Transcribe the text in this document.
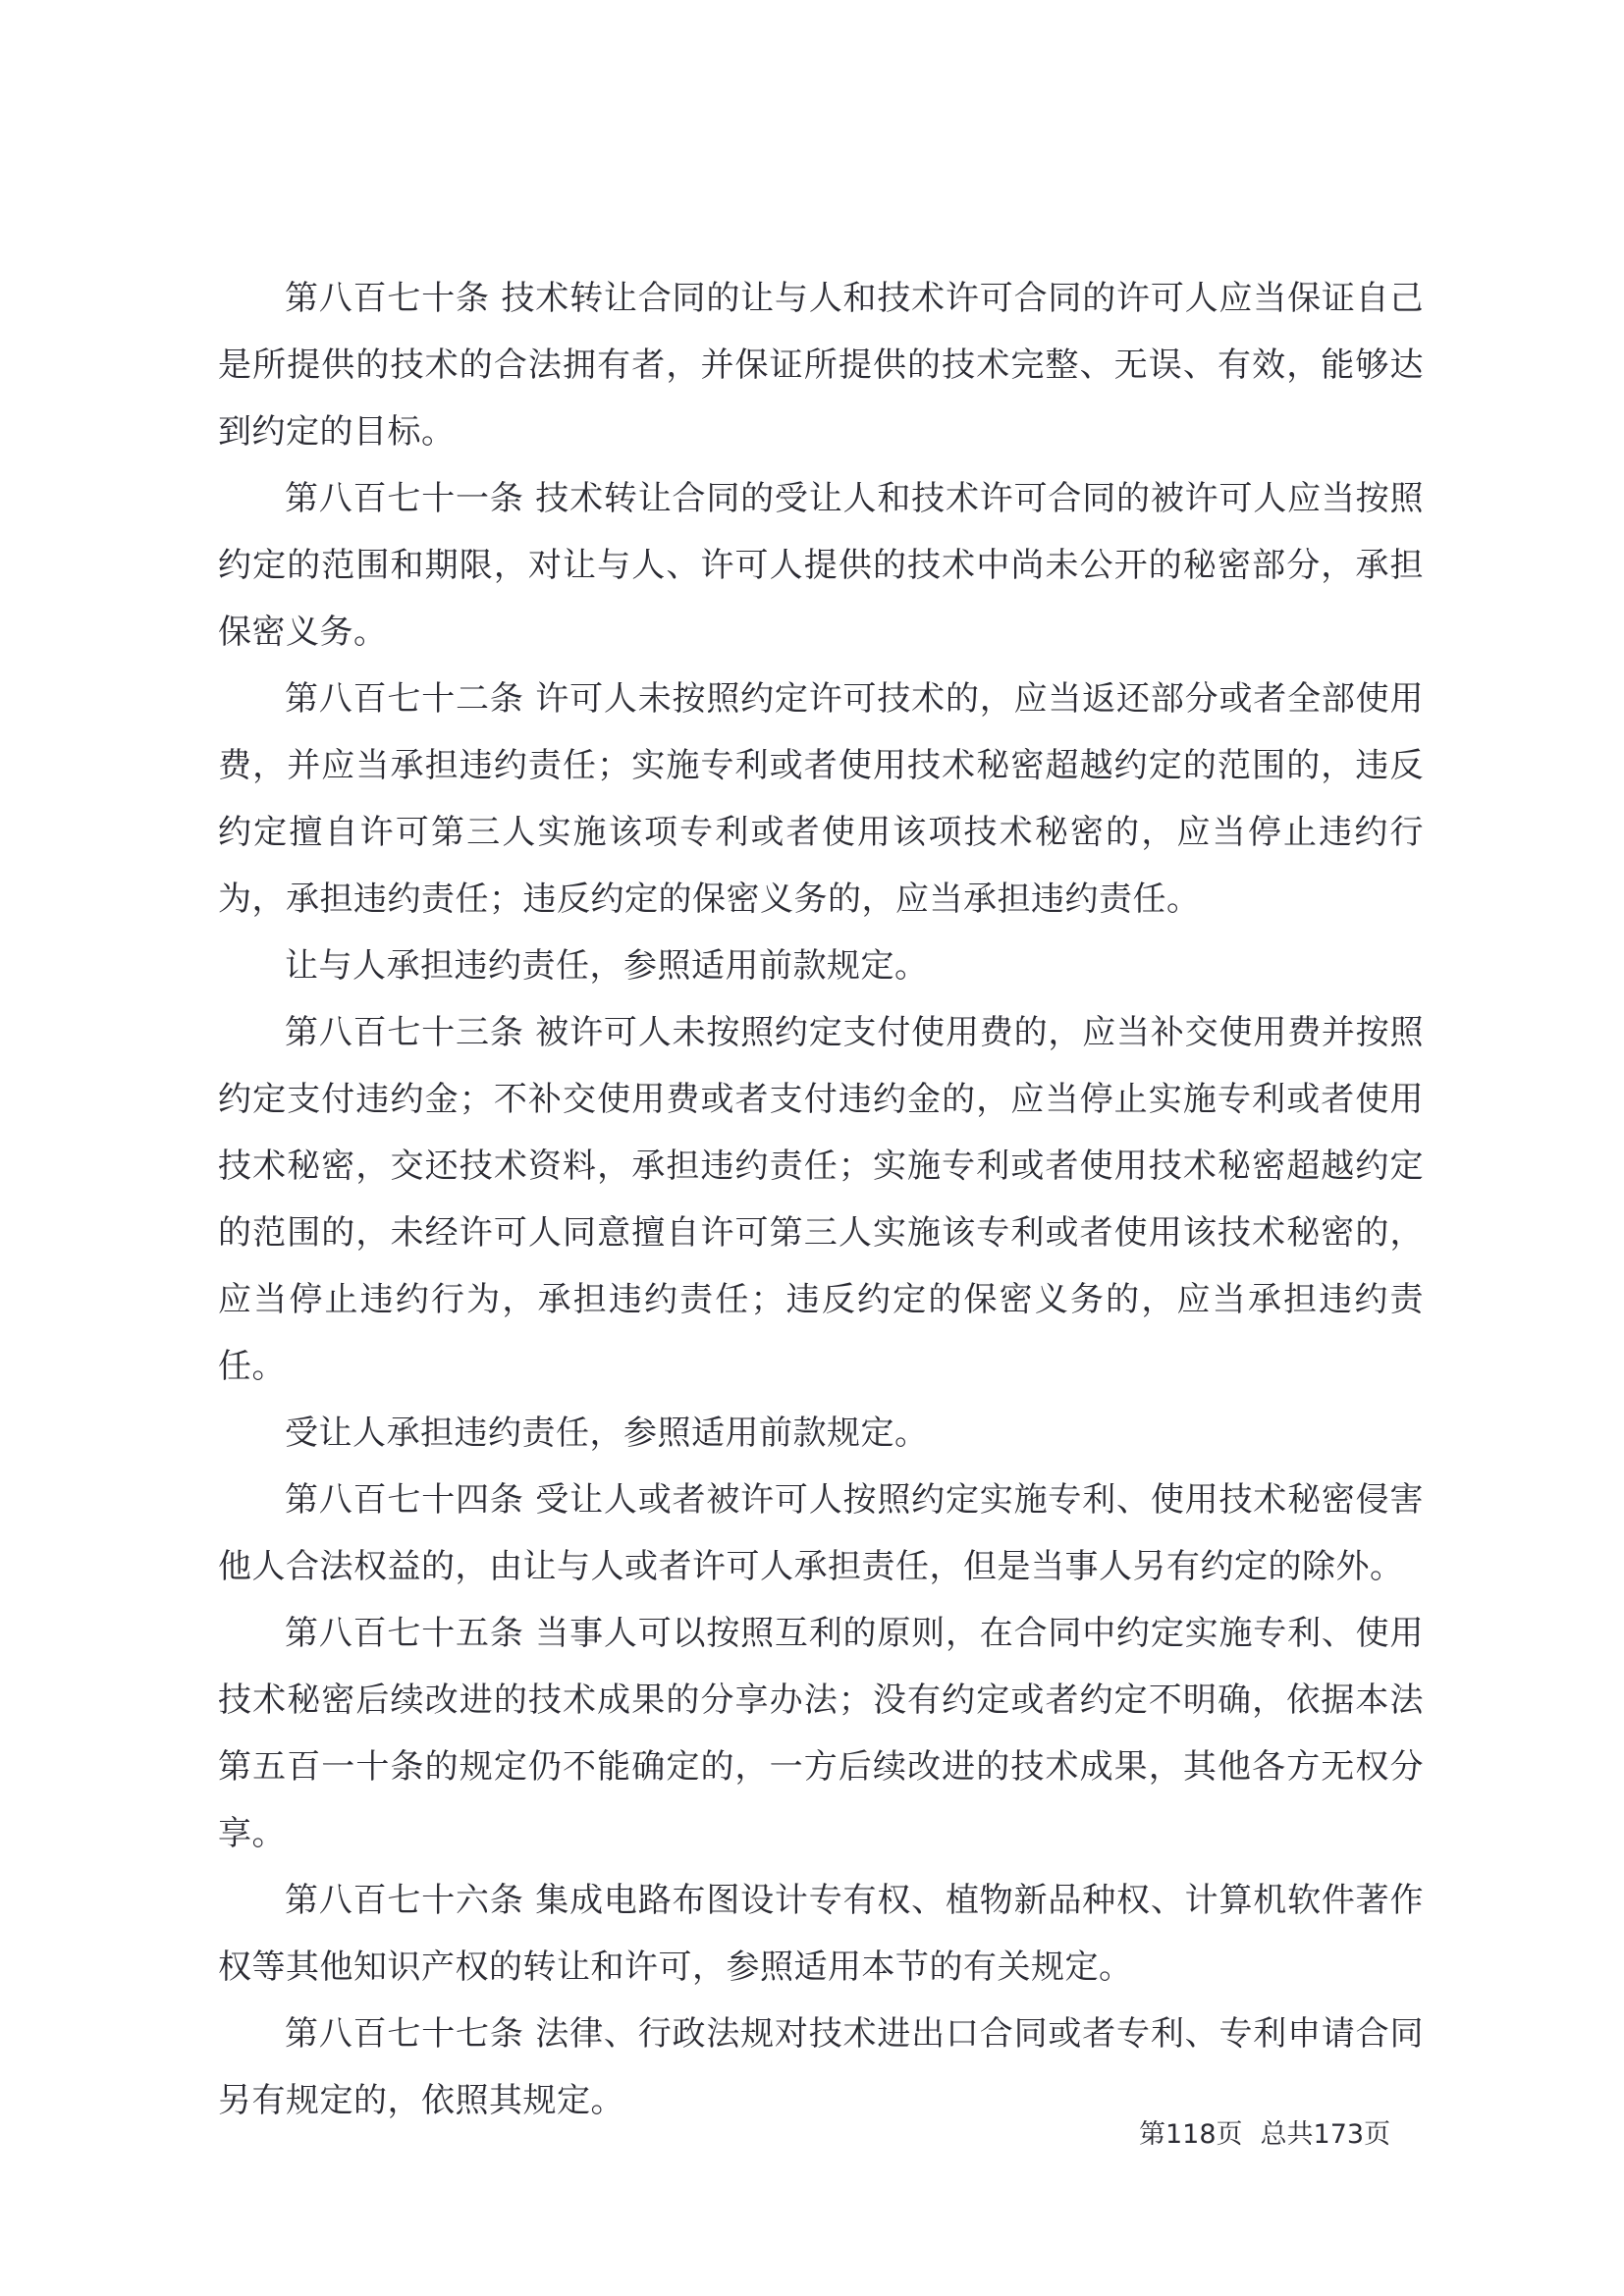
第八百七十条 技术转让合同的让与人和技术许可合同的许可人应当保证自己是所提供的技术的合法拥有者，并保证所提供的技术完整、无误、有效，能够达到约定的目标。

第八百七十一条 技术转让合同的受让人和技术许可合同的被许可人应当按照约定的范围和期限，对让与人、许可人提供的技术中尚未公开的秘密部分，承担保密义务。

第八百七十二条 许可人未按照约定许可技术的，应当返还部分或者全部使用费，并应当承担违约责任；实施专利或者使用技术秘密超越约定的范围的，违反约定擅自许可第三人实施该项专利或者使用该项技术秘密的，应当停止违约行为，承担违约责任；违反约定的保密义务的，应当承担违约责任。

让与人承担违约责任，参照适用前款规定。

第八百七十三条 被许可人未按照约定支付使用费的，应当补交使用费并按照约定支付违约金；不补交使用费或者支付违约金的，应当停止实施专利或者使用技术秘密，交还技术资料，承担违约责任；实施专利或者使用技术秘密超越约定的范围的，未经许可人同意擅自许可第三人实施该专利或者使用该技术秘密的，应当停止违约行为，承担违约责任；违反约定的保密义务的，应当承担违约责任。

受让人承担违约责任，参照适用前款规定。

第八百七十四条 受让人或者被许可人按照约定实施专利、使用技术秘密侵害他人合法权益的，由让与人或者许可人承担责任，但是当事人另有约定的除外。

第八百七十五条 当事人可以按照互利的原则，在合同中约定实施专利、使用技术秘密后续改进的技术成果的分享办法；没有约定或者约定不明确，依据本法第五百一十条的规定仍不能确定的，一方后续改进的技术成果，其他各方无权分享。

第八百七十六条 集成电路布图设计专有权、植物新品种权、计算机软件著作权等其他知识产权的转让和许可，参照适用本节的有关规定。

第八百七十七条 法律、行政法规对技术进出口合同或者专利、专利申请合同另有规定的，依照其规定。

第118页 总共173页
